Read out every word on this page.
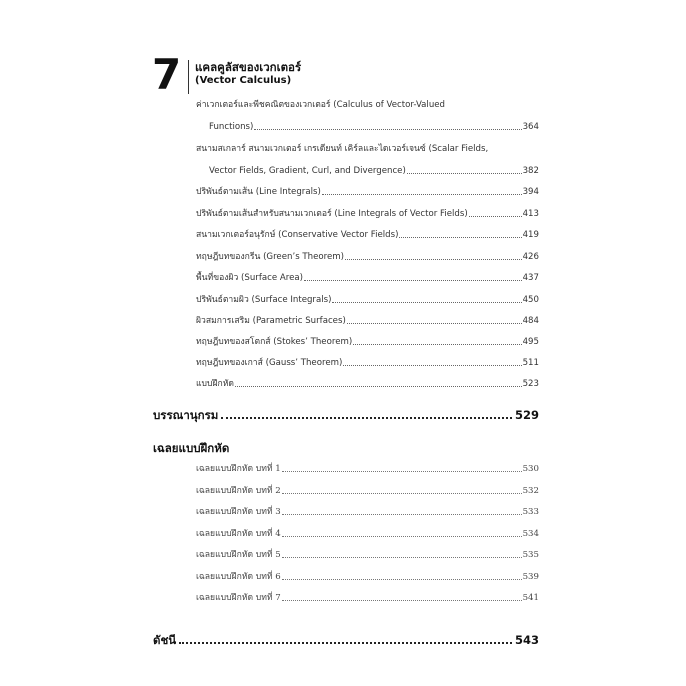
7 แคลคูลัสของเวกเตอร์
(Vector Calculus)
ค่าเวกเตอร์และพีชคณิตของเวกเตอร์ (Calculus of Vector-Valued
Functions)	364
สนามสเกลาร์ สนามเวกเตอร์ เกรเดียนท์ เคิร์ลและไดเวอร์เจนซ์ (Scalar Fields,
Vector Fields, Gradient, Curl, and Divergence)	382
ปริพันธ์ตามเส้น (Line Integrals)	394
ปริพันธ์ตามเส้นสำหรับสนามเวกเตอร์ (Line Integrals of Vector Fields)	413
สนามเวกเตอร์อนุรักษ์ (Conservative Vector Fields)	419
ทฤษฎีบทของกรีน (Green’s Theorem)	426
พื้นที่ของผิว (Surface Area)	437
ปริพันธ์ตามผิว (Surface Integrals)	450
ผิวสมการเสริม (Parametric Surfaces)	484
ทฤษฎีบทของสโตกส์ (Stokes’ Theorem)	495
ทฤษฎีบทของเกาส์ (Gauss’ Theorem)	511
แบบฝึกหัด	523
บรรณานุกรม	529
เฉลยแบบฝึกหัด
เฉลยแบบฝึกหัด บทที่ 1	530
เฉลยแบบฝึกหัด บทที่ 2	532
เฉลยแบบฝึกหัด บทที่ 3	533
เฉลยแบบฝึกหัด บทที่ 4	534
เฉลยแบบฝึกหัด บทที่ 5	535
เฉลยแบบฝึกหัด บทที่ 6	539
เฉลยแบบฝึกหัด บทที่ 7	541
ดัชนี	543
